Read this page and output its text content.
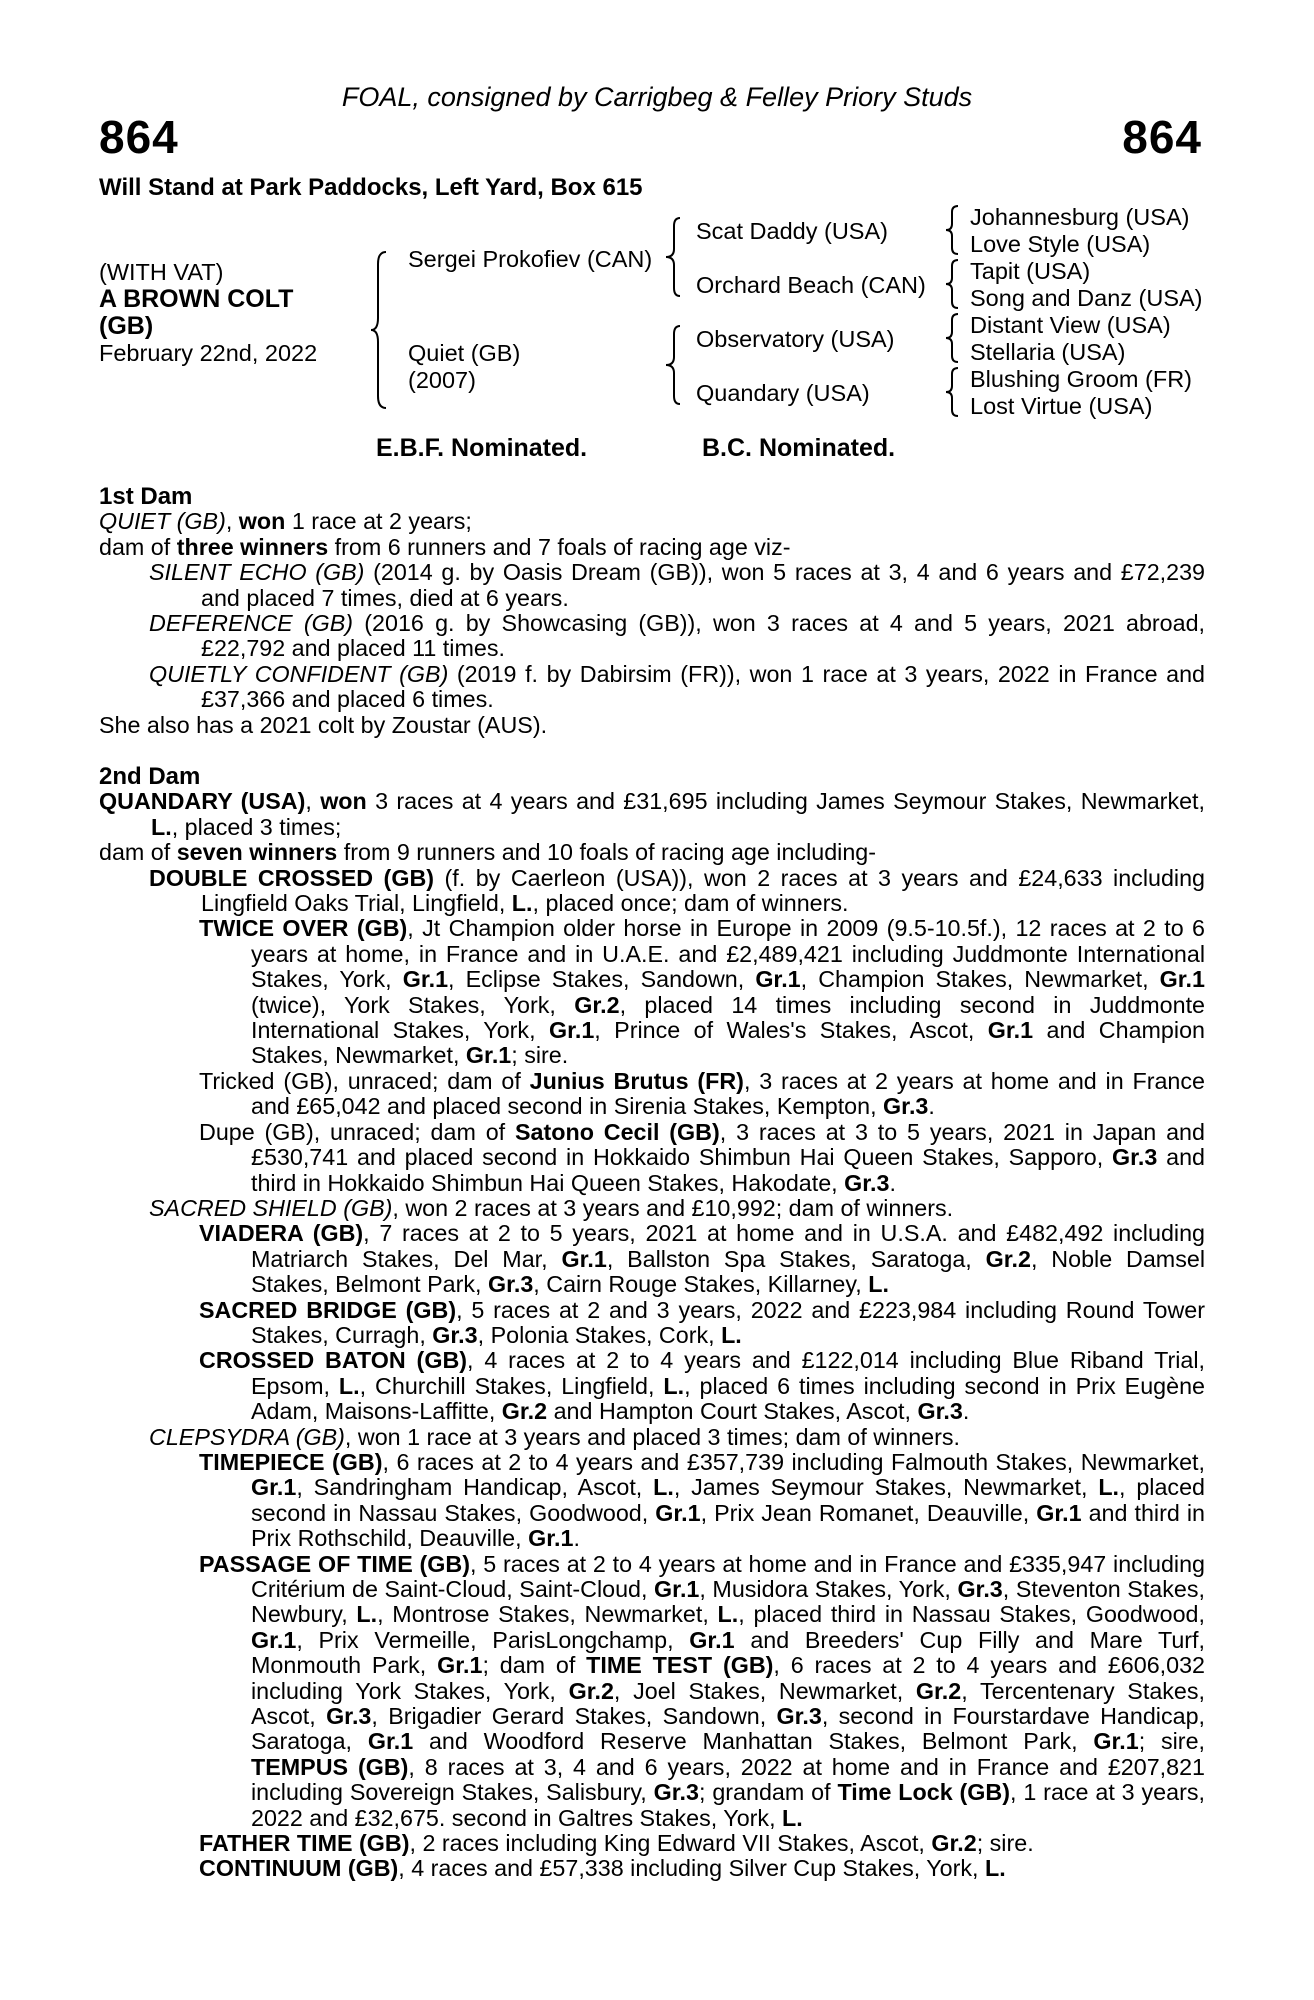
FOAL, consigned by Carrigbeg & Felley Priory Studs
864	864
Will Stand at Park Paddocks, Left Yard, Box 615
(WITH VAT)
A BROWN COLT
(GB)
February 22nd, 2022
Sergei Prokofiev (CAN)
Quiet (GB)
(2007)
Scat Daddy (USA)
Orchard Beach (CAN)
Observatory (USA)
Quandary (USA)
Johannesburg (USA)
Love Style (USA)
Tapit (USA)
Song and Danz (USA)
Distant View (USA)
Stellaria (USA)
Blushing Groom (FR)
Lost Virtue (USA)
E.B.F. Nominated.	B.C. Nominated.

1st Dam

QUIET (GB), won 1 race at 2 years;

dam of three winners from 6 runners and 7 foals of racing age viz-

SILENT ECHO (GB) (2014 g. by Oasis Dream (GB)), won 5 races at 3, 4 and 6 years and £72,239 and placed 7 times, died at 6 years.

DEFERENCE (GB) (2016 g. by Showcasing (GB)), won 3 races at 4 and 5 years, 2021 abroad, £22,792 and placed 11 times.

QUIETLY CONFIDENT (GB) (2019 f. by Dabirsim (FR)), won 1 race at 3 years, 2022 in France and £37,366 and placed 6 times.

She also has a 2021 colt by Zoustar (AUS).

2nd Dam

QUANDARY (USA), won 3 races at 4 years and £31,695 including James Seymour Stakes, Newmarket, L., placed 3 times;

dam of seven winners from 9 runners and 10 foals of racing age including-

DOUBLE CROSSED (GB) (f. by Caerleon (USA)), won 2 races at 3 years and £24,633 including Lingfield Oaks Trial, Lingfield, L., placed once; dam of winners.

TWICE OVER (GB), Jt Champion older horse in Europe in 2009 (9.5-10.5f.), 12 races at 2 to 6 years at home, in France and in U.A.E. and £2,489,421 including Juddmonte International Stakes, York, Gr.1, Eclipse Stakes, Sandown, Gr.1, Champion Stakes, Newmarket, Gr.1 (twice), York Stakes, York, Gr.2, placed 14 times including second in Juddmonte International Stakes, York, Gr.1, Prince of Wales's Stakes, Ascot, Gr.1 and Champion Stakes, Newmarket, Gr.1; sire.

Tricked (GB), unraced; dam of Junius Brutus (FR), 3 races at 2 years at home and in France and £65,042 and placed second in Sirenia Stakes, Kempton, Gr.3.

Dupe (GB), unraced; dam of Satono Cecil (GB), 3 races at 3 to 5 years, 2021 in Japan and £530,741 and placed second in Hokkaido Shimbun Hai Queen Stakes, Sapporo, Gr.3 and third in Hokkaido Shimbun Hai Queen Stakes, Hakodate, Gr.3.

SACRED SHIELD (GB), won 2 races at 3 years and £10,992; dam of winners.

VIADERA (GB), 7 races at 2 to 5 years, 2021 at home and in U.S.A. and £482,492 including Matriarch Stakes, Del Mar, Gr.1, Ballston Spa Stakes, Saratoga, Gr.2, Noble Damsel Stakes, Belmont Park, Gr.3, Cairn Rouge Stakes, Killarney, L.

SACRED BRIDGE (GB), 5 races at 2 and 3 years, 2022 and £223,984 including Round Tower Stakes, Curragh, Gr.3, Polonia Stakes, Cork, L.

CROSSED BATON (GB), 4 races at 2 to 4 years and £122,014 including Blue Riband Trial, Epsom, L., Churchill Stakes, Lingfield, L., placed 6 times including second in Prix Eugène Adam, Maisons-Laffitte, Gr.2 and Hampton Court Stakes, Ascot, Gr.3.

CLEPSYDRA (GB), won 1 race at 3 years and placed 3 times; dam of winners.

TIMEPIECE (GB), 6 races at 2 to 4 years and £357,739 including Falmouth Stakes, Newmarket, Gr.1, Sandringham Handicap, Ascot, L., James Seymour Stakes, Newmarket, L., placed second in Nassau Stakes, Goodwood, Gr.1, Prix Jean Romanet, Deauville, Gr.1 and third in Prix Rothschild, Deauville, Gr.1.

PASSAGE OF TIME (GB), 5 races at 2 to 4 years at home and in France and £335,947 including Critérium de Saint-Cloud, Saint-Cloud, Gr.1, Musidora Stakes, York, Gr.3, Steventon Stakes, Newbury, L., Montrose Stakes, Newmarket, L., placed third in Nassau Stakes, Goodwood, Gr.1, Prix Vermeille, ParisLongchamp, Gr.1 and Breeders' Cup Filly and Mare Turf, Monmouth Park, Gr.1; dam of TIME TEST (GB), 6 races at 2 to 4 years and £606,032 including York Stakes, York, Gr.2, Joel Stakes, Newmarket, Gr.2, Tercentenary Stakes, Ascot, Gr.3, Brigadier Gerard Stakes, Sandown, Gr.3, second in Fourstardave Handicap, Saratoga, Gr.1 and Woodford Reserve Manhattan Stakes, Belmont Park, Gr.1; sire, TEMPUS (GB), 8 races at 3, 4 and 6 years, 2022 at home and in France and £207,821 including Sovereign Stakes, Salisbury, Gr.3; grandam of Time Lock (GB), 1 race at 3 years, 2022 and £32,675. second in Galtres Stakes, York, L.

FATHER TIME (GB), 2 races including King Edward VII Stakes, Ascot, Gr.2; sire.

CONTINUUM (GB), 4 races and £57,338 including Silver Cup Stakes, York, L.
